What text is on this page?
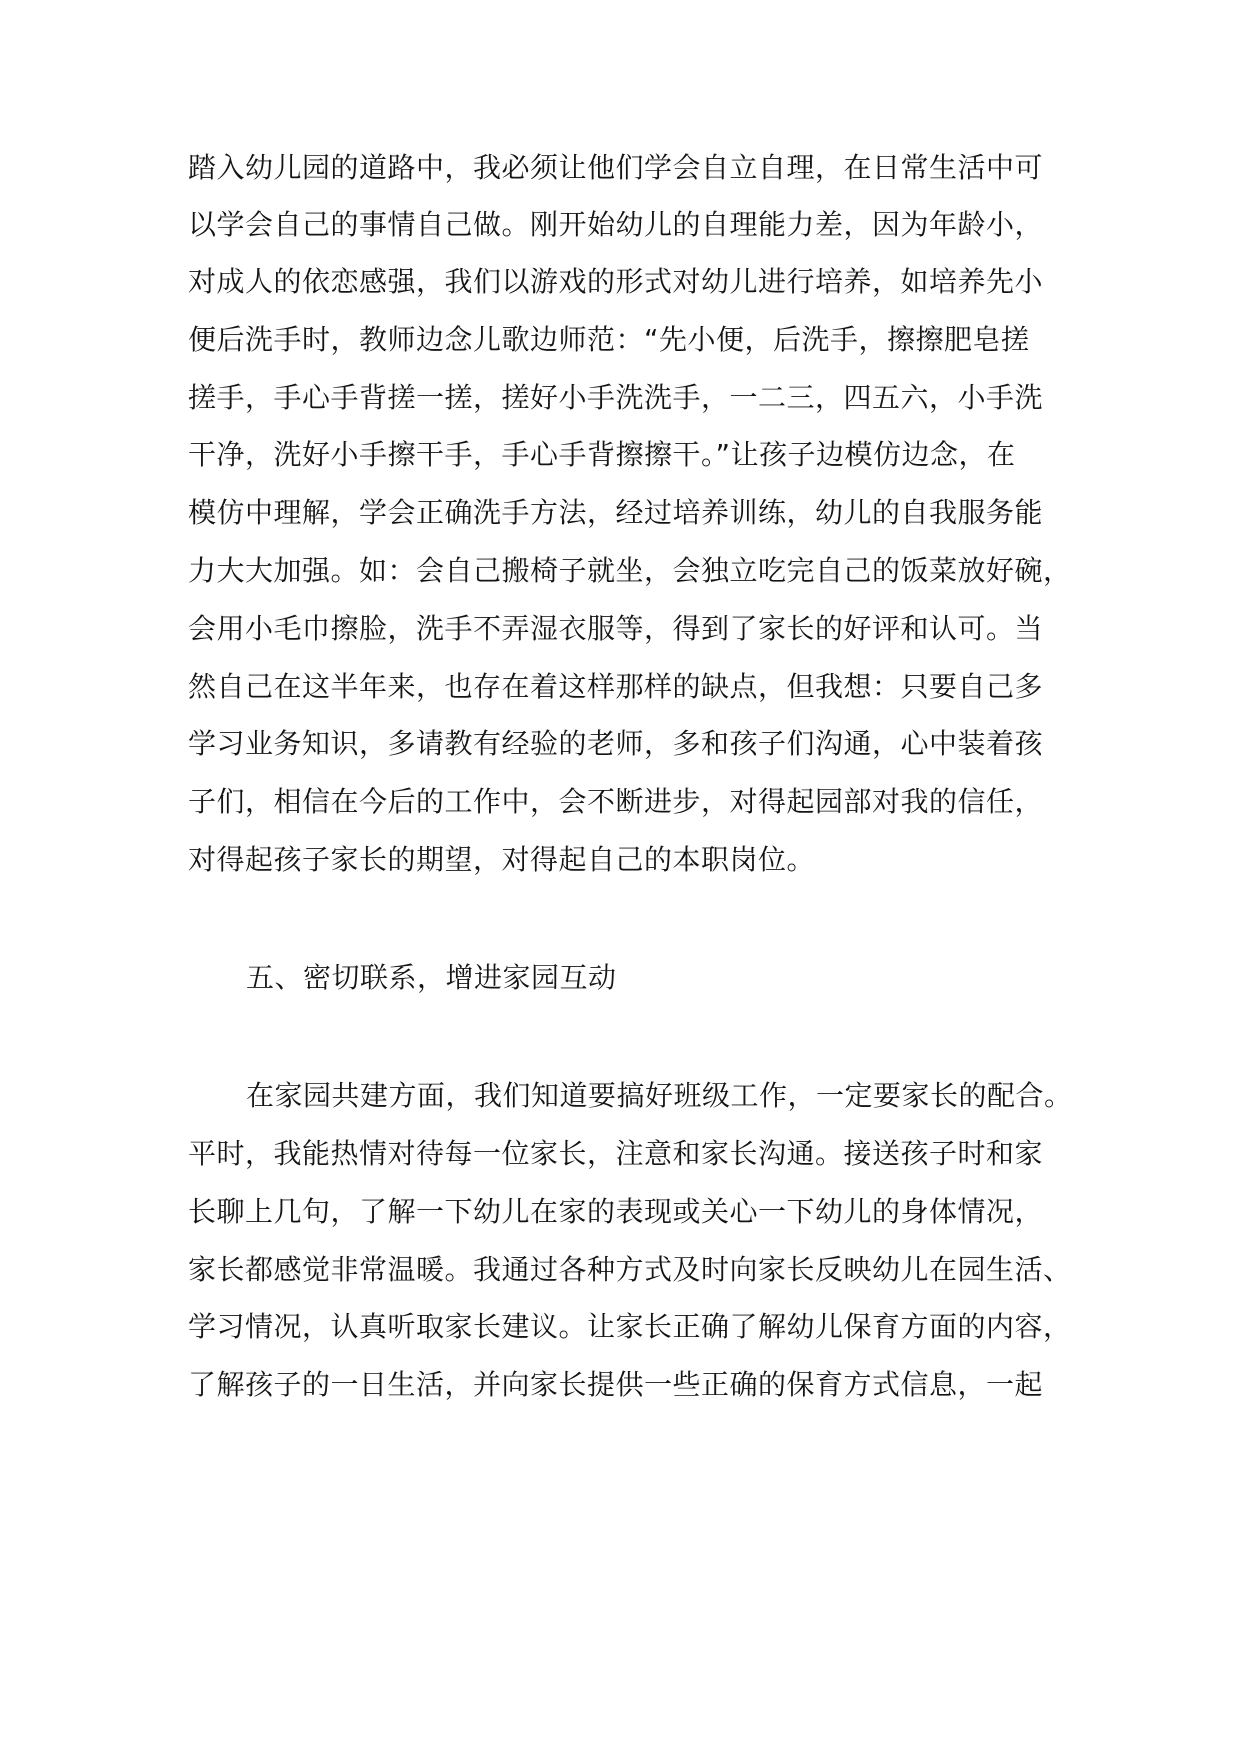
踏入幼儿园的道路中，我必须让他们学会自立自理，在日常生活中可
以学会自己的事情自己做。刚开始幼儿的自理能力差，因为年龄小，
对成人的依恋感强，我们以游戏的形式对幼儿进行培养，如培养先小
便后洗手时，教师边念儿歌边师范：“先小便，后洗手，擦擦肥皂搓
搓手，手心手背搓一搓，搓好小手洗洗手，一二三，四五六，小手洗
干净，洗好小手擦干手，手心手背擦擦干。”让孩子边模仿边念，在
模仿中理解，学会正确洗手方法，经过培养训练，幼儿的自我服务能
力大大加强。如：会自己搬椅子就坐，会独立吃完自己的饭菜放好碗，
会用小毛巾擦脸，洗手不弄湿衣服等，得到了家长的好评和认可。当
然自己在这半年来，也存在着这样那样的缺点，但我想：只要自己多
学习业务知识，多请教有经验的老师，多和孩子们沟通，心中装着孩
子们，相信在今后的工作中，会不断进步，对得起园部对我的信任，
对得起孩子家长的期望，对得起自己的本职岗位。
五、密切联系，增进家园互动
在家园共建方面，我们知道要搞好班级工作，一定要家长的配合。
平时，我能热情对待每一位家长，注意和家长沟通。接送孩子时和家
长聊上几句，了解一下幼儿在家的表现或关心一下幼儿的身体情况，
家长都感觉非常温暖。我通过各种方式及时向家长反映幼儿在园生活、
学习情况，认真听取家长建议。让家长正确了解幼儿保育方面的内容，
了解孩子的一日生活，并向家长提供一些正确的保育方式信息，一起
